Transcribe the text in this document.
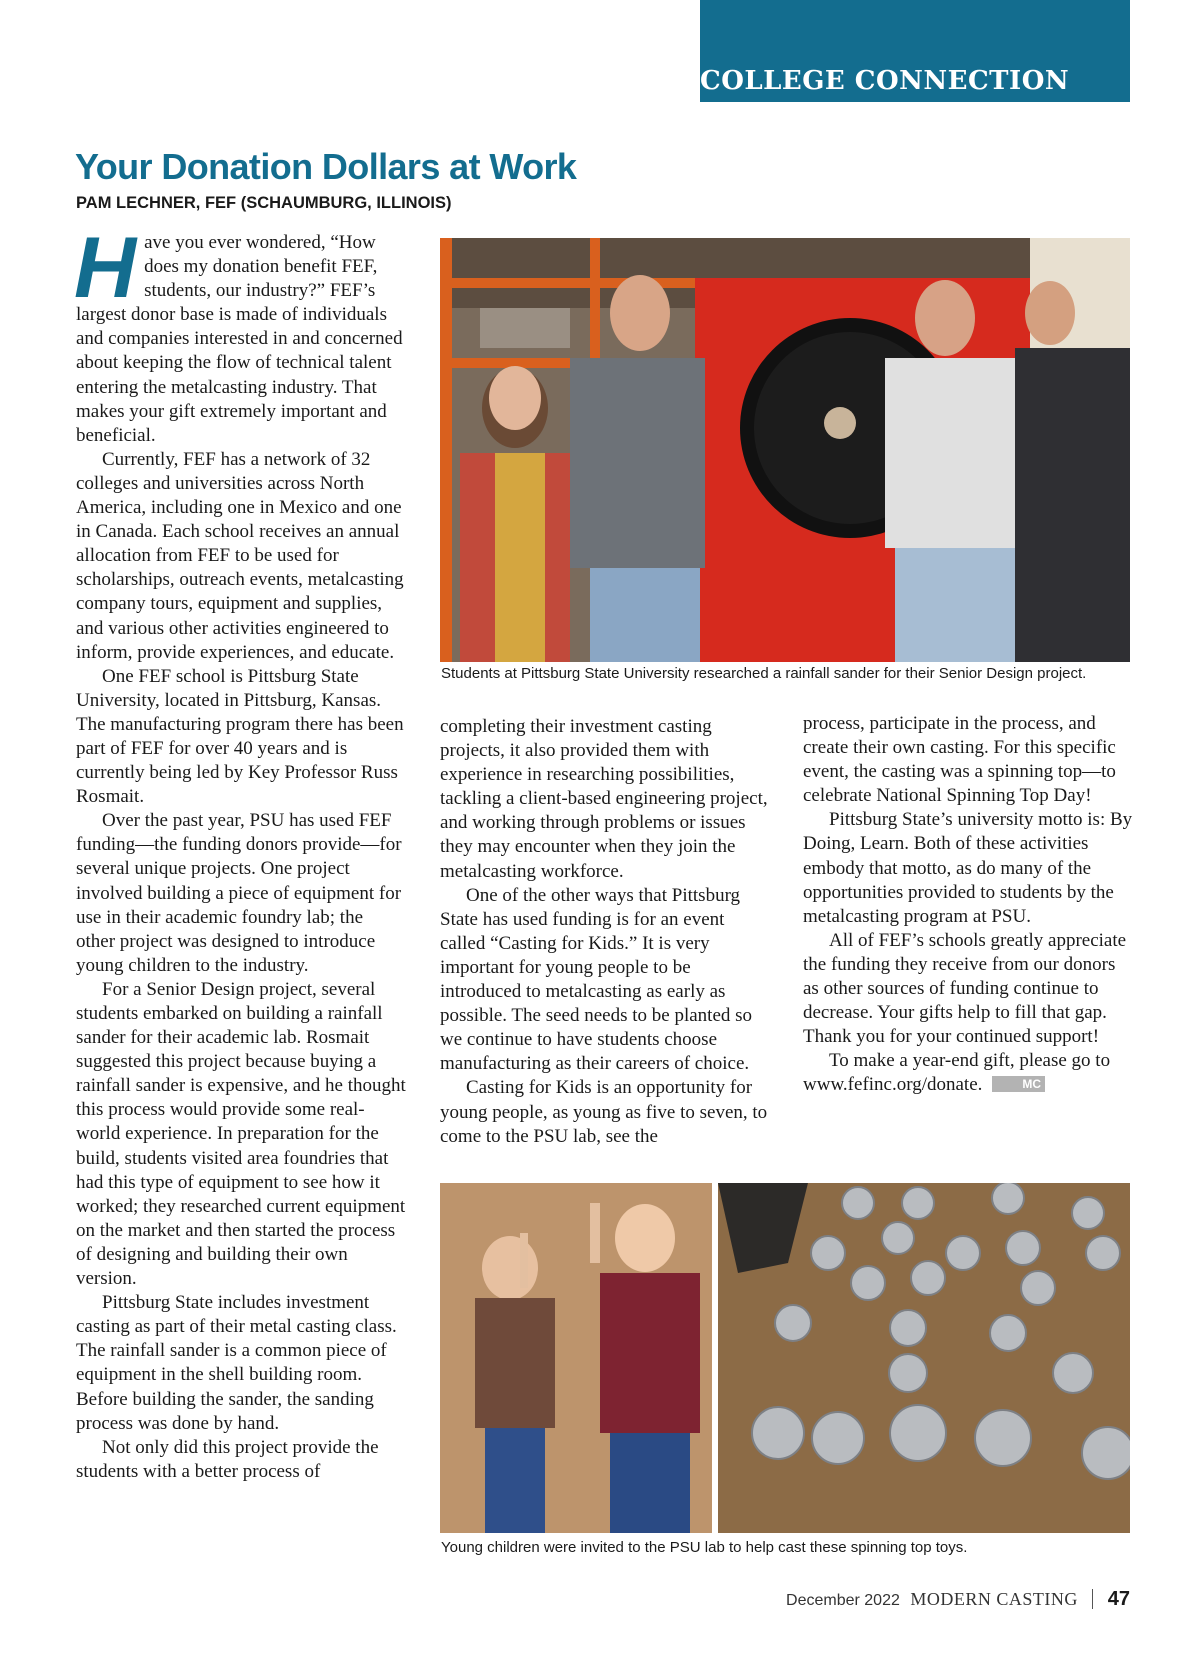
COLLEGE CONNECTION
Your Donation Dollars at Work
PAM LECHNER, FEF (SCHAUMBURG, ILLINOIS)

Have you ever wondered, “How does my donation benefit FEF, students, our industry?” FEF’s largest donor base is made of individuals and companies interested in and concerned about keeping the flow of technical talent entering the metalcasting industry. That makes your gift extremely important and beneficial.

Currently, FEF has a network of 32 colleges and universities across North America, including one in Mexico and one in Canada. Each school receives an annual allocation from FEF to be used for scholarships, outreach events, metalcasting company tours, equipment and supplies, and various other activities engineered to inform, provide experiences, and educate.

One FEF school is Pittsburg State University, located in Pittsburg, Kansas. The manufacturing program there has been part of FEF for over 40 years and is currently being led by Key Professor Russ Rosmait.

Over the past year, PSU has used FEF funding—the funding donors provide—for several unique projects. One project involved building a piece of equipment for use in their academic foundry lab; the other project was designed to introduce young children to the industry.

For a Senior Design project, several students embarked on building a rainfall sander for their academic lab. Rosmait suggested this project because buying a rainfall sander is expensive, and he thought this process would provide some real-world experience. In preparation for the build, students visited area foundries that had this type of equipment to see how it worked; they researched current equipment on the market and then started the process of designing and building their own version.

Pittsburg State includes investment casting as part of their metal casting class. The rainfall sander is a common piece of equipment in the shell building room. Before building the sander, the sanding process was done by hand.

Not only did this project provide the students with a better process of

Students at Pittsburg State University researched a rainfall sander for their Senior Design project.

completing their investment casting projects, it also provided them with experience in researching possibilities, tackling a client-based engineering project, and working through problems or issues they may encounter when they join the metalcasting workforce.

One of the other ways that Pittsburg State has used funding is for an event called “Casting for Kids.” It is very important for young people to be introduced to metalcasting as early as possible. The seed needs to be planted so we continue to have students choose manufacturing as their careers of choice.

Casting for Kids is an opportunity for young people, as young as five to seven, to come to the PSU lab, see the

process, participate in the process, and create their own casting. For this specific event, the casting was a spinning top—to celebrate National Spinning Top Day!

Pittsburg State’s university motto is: By Doing, Learn. Both of these activities embody that motto, as do many of the opportunities provided to students by the metalcasting program at PSU.

All of FEF’s schools greatly appreciate the funding they receive from our donors as other sources of funding continue to decrease. Your gifts help to fill that gap. Thank you for your continued support!

To make a year-end gift, please go to www.fefinc.org/donate.	MC

Young children were invited to the PSU lab to help cast these spinning top toys.
December 2022 MODERN CASTING 47
